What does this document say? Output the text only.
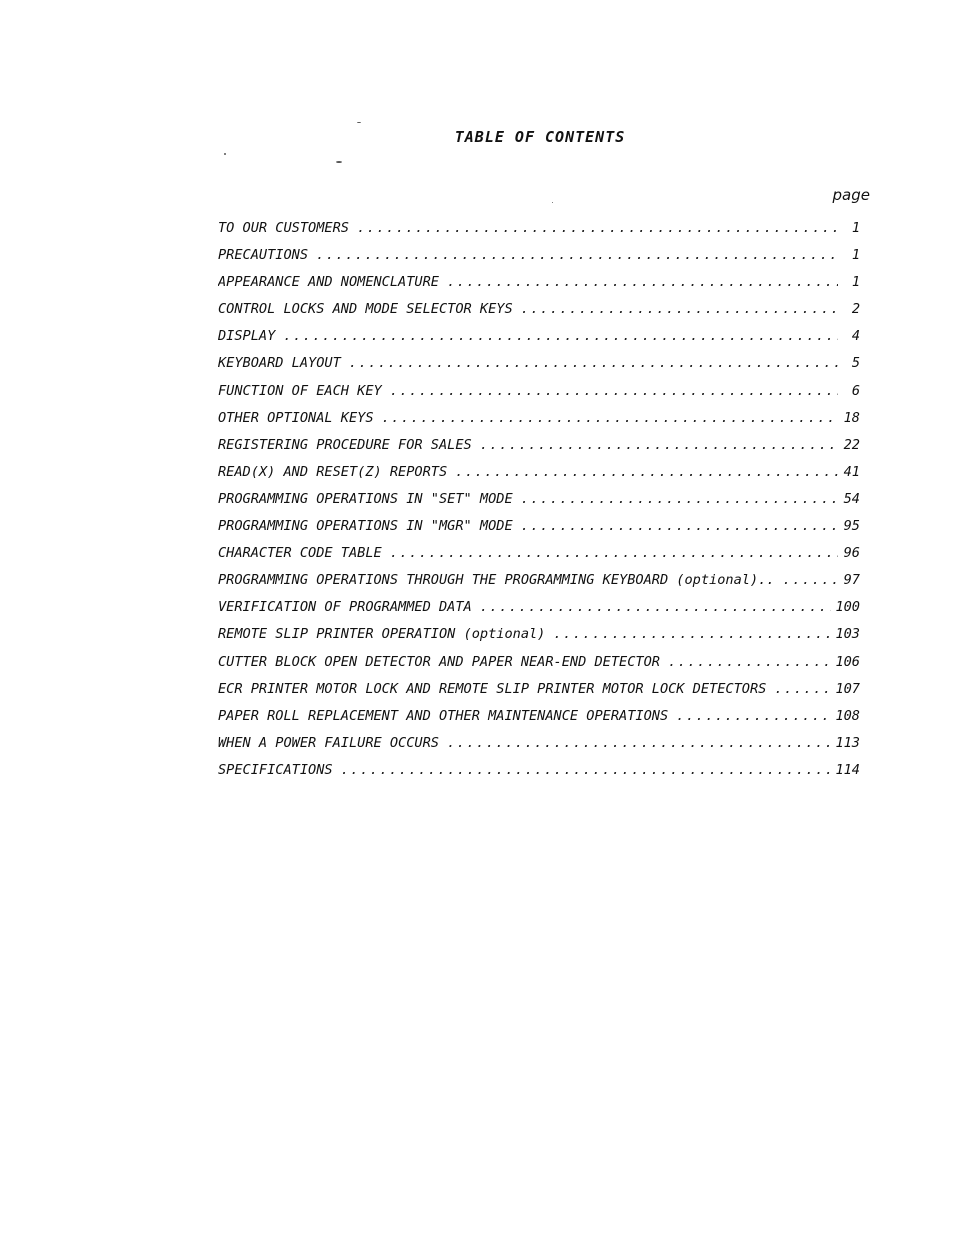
TABLE OF CONTENTS
page
TO OUR CUSTOMERS .....	1
PRECAUTIONS .....	1
APPEARANCE AND NOMENCLATURE .....	1
CONTROL LOCKS AND MODE SELECTOR KEYS .....	2
DISPLAY .....	4
KEYBOARD LAYOUT .....	5
FUNCTION OF EACH KEY .....	6
OTHER OPTIONAL KEYS .....	18
REGISTERING PROCEDURE FOR SALES .....	22
READ(X) AND RESET(Z) REPORTS .....	41
PROGRAMMING OPERATIONS IN "SET" MODE .....	54
PROGRAMMING OPERATIONS IN "MGR" MODE .....	95
CHARACTER CODE TABLE .....	96
PROGRAMMING OPERATIONS THROUGH THE PROGRAMMING KEYBOARD (optional).. .....	97
VERIFICATION OF PROGRAMMED DATA .....	100
REMOTE SLIP PRINTER OPERATION (optional) .....	103
CUTTER BLOCK OPEN DETECTOR AND PAPER NEAR-END DETECTOR .....	106
ECR PRINTER MOTOR LOCK AND REMOTE SLIP PRINTER MOTOR LOCK DETECTORS .....	107
PAPER ROLL REPLACEMENT AND OTHER MAINTENANCE OPERATIONS .....	108
WHEN A POWER FAILURE OCCURS .....	113
SPECIFICATIONS .....	114
